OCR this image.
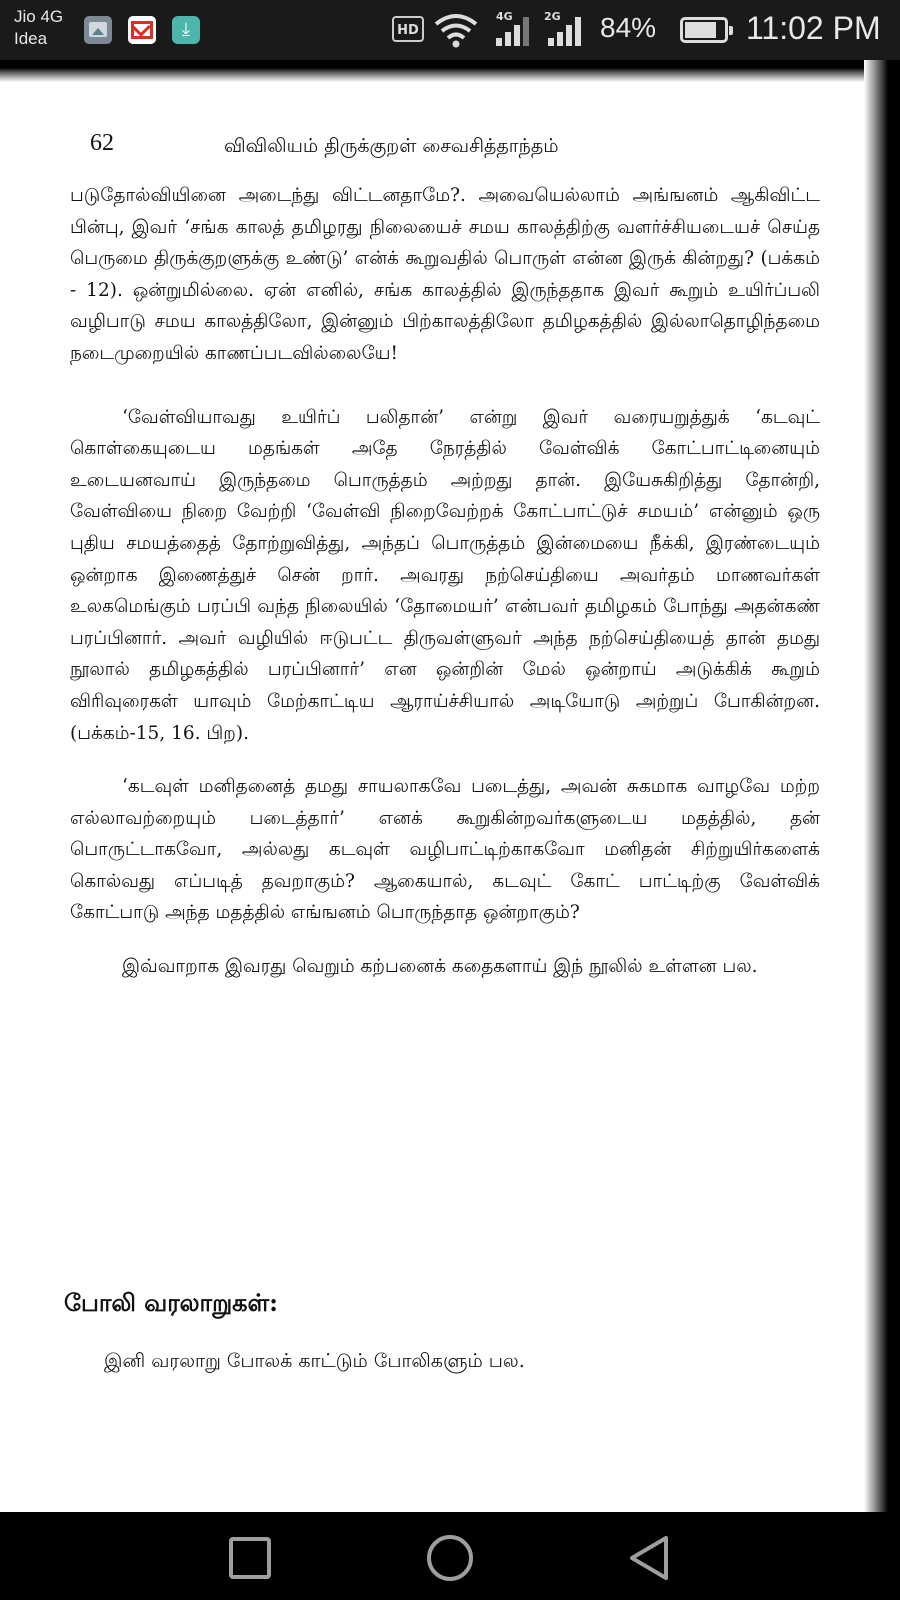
Jio 4G
Idea	⤓	HD
4G	2G 84%	11:02 PM
62	விவிலியம் திருக்குறள் சைவசித்தாந்தம்

படுதோல்வியினை அடைந்து விட்டனதாமே?. அவையெல்லாம் அங்ஙனம் ஆகிவிட்ட பின்பு, இவர் ‘சங்க காலத் தமிழரது நிலையைச் சமய காலத்திற்கு வளர்ச்சியடையச் செய்த பெருமை திருக்குறளுக்கு உண்டு’ என்க் கூறுவதில் பொருள் என்ன இருக் கின்றது? (பக்கம் - 12). ஒன்றுமில்லை. ஏன் எனில், சங்க காலத்தில் இருந்ததாக இவர் கூறும் உயிர்ப்பலி வழிபாடு சமய காலத்திலோ, இன்னும் பிற்காலத்திலோ தமிழகத்தில் இல்லாதொழிந்தமை நடைமுறையில் காணப்படவில்லையே!

‘வேள்வியாவது உயிர்ப் பலிதான்’ என்று இவர் வரையறுத்துக் ‘கடவுட் கொள்கையுடைய மதங்கள் அதே நேரத்தில் வேள்விக் கோட்பாட்டினையும் உடையனவாய் இருந்தமை பொருத்தம் அற்றது தான். இயேசுகிறித்து தோன்றி, வேள்வியை நிறை வேற்றி ‘வேள்வி நிறைவேற்றக் கோட்பாட்டுச் சமயம்’ என்னும் ஒரு புதிய சமயத்தைத் தோற்றுவித்து, அந்தப் பொருத்தம் இன்மையை நீக்கி, இரண்டையும் ஒன்றாக இணைத்துச் சென் றார். அவரது நற்செய்தியை அவர்தம் மாணவர்கள் உலகமெங்கும் பரப்பி வந்த நிலையில் ‘தோமையர்’ என்பவர் தமிழகம் போந்து அதன்கண் பரப்பினார். அவர் வழியில் ஈடுபட்ட திருவள்ளுவர் அந்த நற்செய்தியைத் தான் தமது நூலால் தமிழகத்தில் பரப்பினார்’ என ஒன்றின் மேல் ஒன்றாய் அடுக்கிக் கூறும் விரிவுரைகள் யாவும் மேற்காட்டிய ஆராய்ச்சியால் அடியோடு அற்றுப் போகின்றன. (பக்கம்-15, 16. பிற).

‘கடவுள் மனிதனைத் தமது சாயலாகவே படைத்து, அவன் சுகமாக வாழவே மற்ற எல்லாவற்றையும் படைத்தார்’ எனக் கூறுகின்றவர்களுடைய மதத்தில், தன் பொருட்டாகவோ, அல்லது கடவுள் வழிபாட்டிற்காகவோ மனிதன் சிற்றுயிர்களைக் கொல்வது எப்படித் தவறாகும்? ஆகையால், கடவுட் கோட் பாட்டிற்கு வேள்விக் கோட்பாடு அந்த மதத்தில் எங்ஙனம் பொருந்தாத ஒன்றாகும்?

இவ்வாறாக இவரது வெறும் கற்பனைக் கதைகளாய் இந் நூலில் உள்ளன பல.

போலி வரலாறுகள்:
இனி வரலாறு போலக் காட்டும் போலிகளும் பல.
